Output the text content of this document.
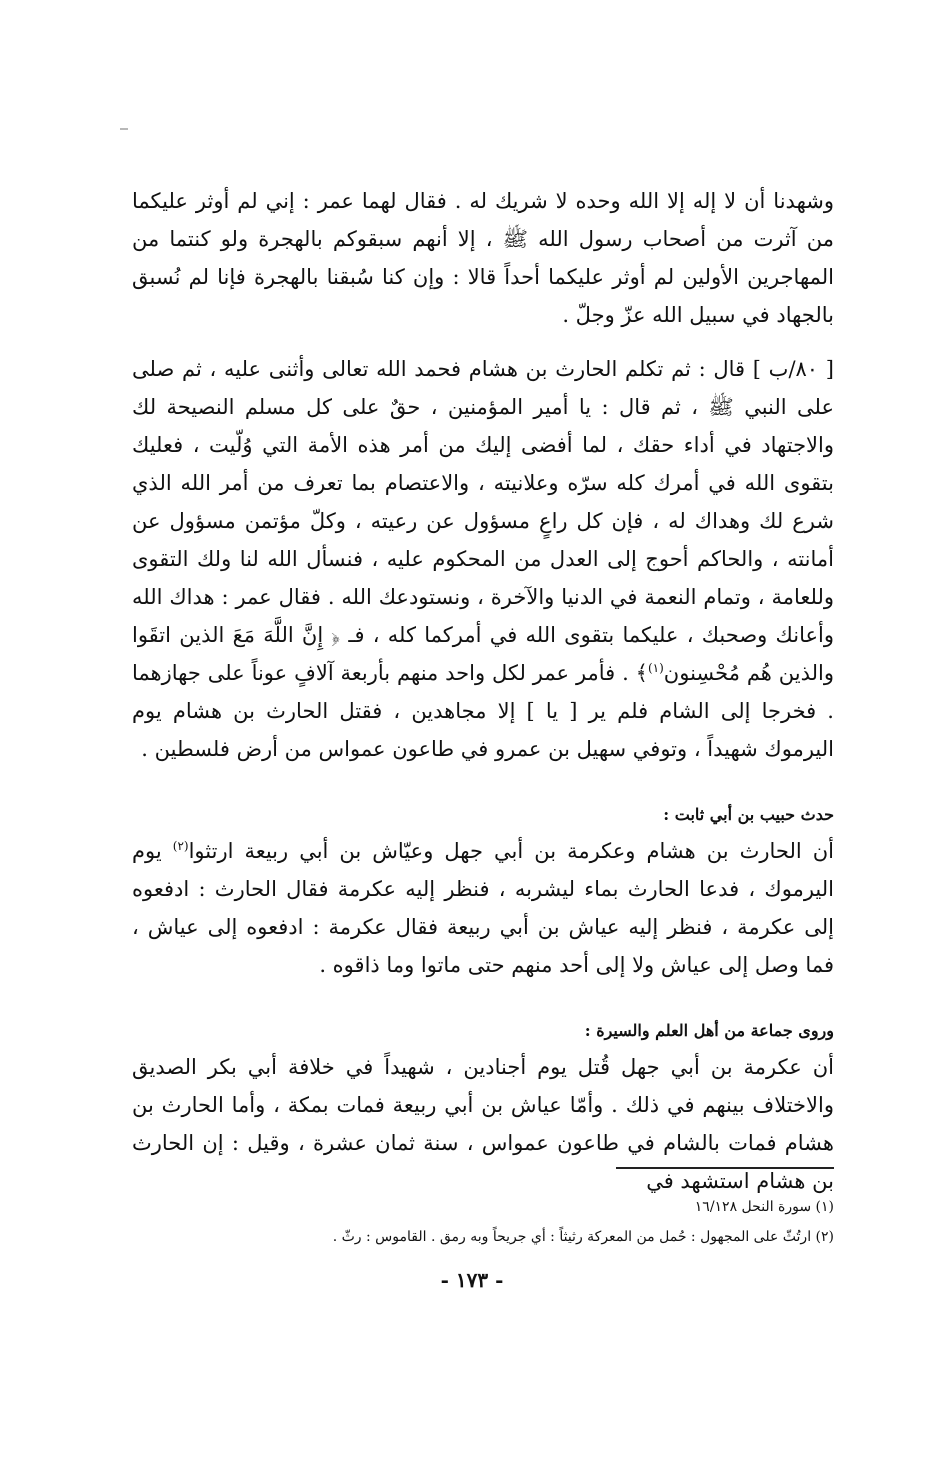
وشهدنا أن لا إله إلا الله وحده لا شريك له . فقال لهما عمر : إني لم أوثر عليكما من آثرت من أصحاب رسول الله ﷺ ، إلا أنهم سبقوكم بالهجرة ولو كنتما من المهاجرين الأولين لم أوثر عليكما أحداً قالا : وإن كنا سُبقنا بالهجرة فإنا لم نُسبق بالجهاد في سبيل الله عزّ وجلّ .

[ ٨٠/ب ] قال : ثم تكلم الحارث بن هشام فحمد الله تعالى وأثنى عليه ، ثم صلى على النبي ﷺ ، ثم قال : يا أمير المؤمنين ، حقٌ على كل مسلم النصيحة لك والاجتهاد في أداء حقك ، لما أفضى إليك من أمر هذه الأمة التي وُلّيت ، فعليك بتقوى الله في أمرك كله سرّه وعلانيته ، والاعتصام بما تعرف من أمر الله الذي شرع لك وهداك له ، فإن كل راعٍ مسؤول عن رعيته ، وكلّ مؤتمن مسؤول عن أمانته ، والحاكم أحوج إلى العدل من المحكوم عليه ، فنسأل الله لنا ولك التقوى وللعامة ، وتمام النعمة في الدنيا والآخرة ، ونستودعك الله . فقال عمر : هداك الله وأعانك وصحبك ، عليكما بتقوى الله في أمركما كله ، فـ ﴿ إِنَّ اللَّهَ مَعَ الذين اتقَوا والذين هُم مُحْسِنون$^{(١)}$﴾ . فأمر عمر لكل واحد منهم بأربعة آلافٍ عوناً على جهازهما . فخرجا إلى الشام فلم ير [ يا ] إلا مجاهدين ، فقتل الحارث بن هشام يوم اليرموك شهيداً ، وتوفي سهيل بن عمرو في طاعون عمواس من أرض فلسطين .

حدث حبيب بن أبي ثابت :

أن الحارث بن هشام وعكرمة بن أبي جهل وعيّاش بن أبي ربيعة ارتثوا$^{(٢)}$ يوم اليرموك ، فدعا الحارث بماء ليشربه ، فنظر إليه عكرمة فقال الحارث : ادفعوه إلى عكرمة ، فنظر إليه عياش بن أبي ربيعة فقال عكرمة : ادفعوه إلى عياش ، فما وصل إلى عياش ولا إلى أحد منهم حتى ماتوا وما ذاقوه .

وروى جماعة من أهل العلم والسيرة :

أن عكرمة بن أبي جهل قُتل يوم أجنادين ، شهيداً في خلافة أبي بكر الصديق والاختلاف بينهم في ذلك . وأمّا عياش بن أبي ربيعة فمات بمكة ، وأما الحارث بن هشام فمات بالشام في طاعون عمواس ، سنة ثمان عشرة ، وقيل : إن الحارث بن هشام استشهد في

(١) سورة النحل ١٦/١٢٨

(٢) ارتُثّ على المجهول : حُمل من المعركة رثيثاً : أي جريحاً وبه رمق . القاموس : رثّ .

- ١٧٣ -
